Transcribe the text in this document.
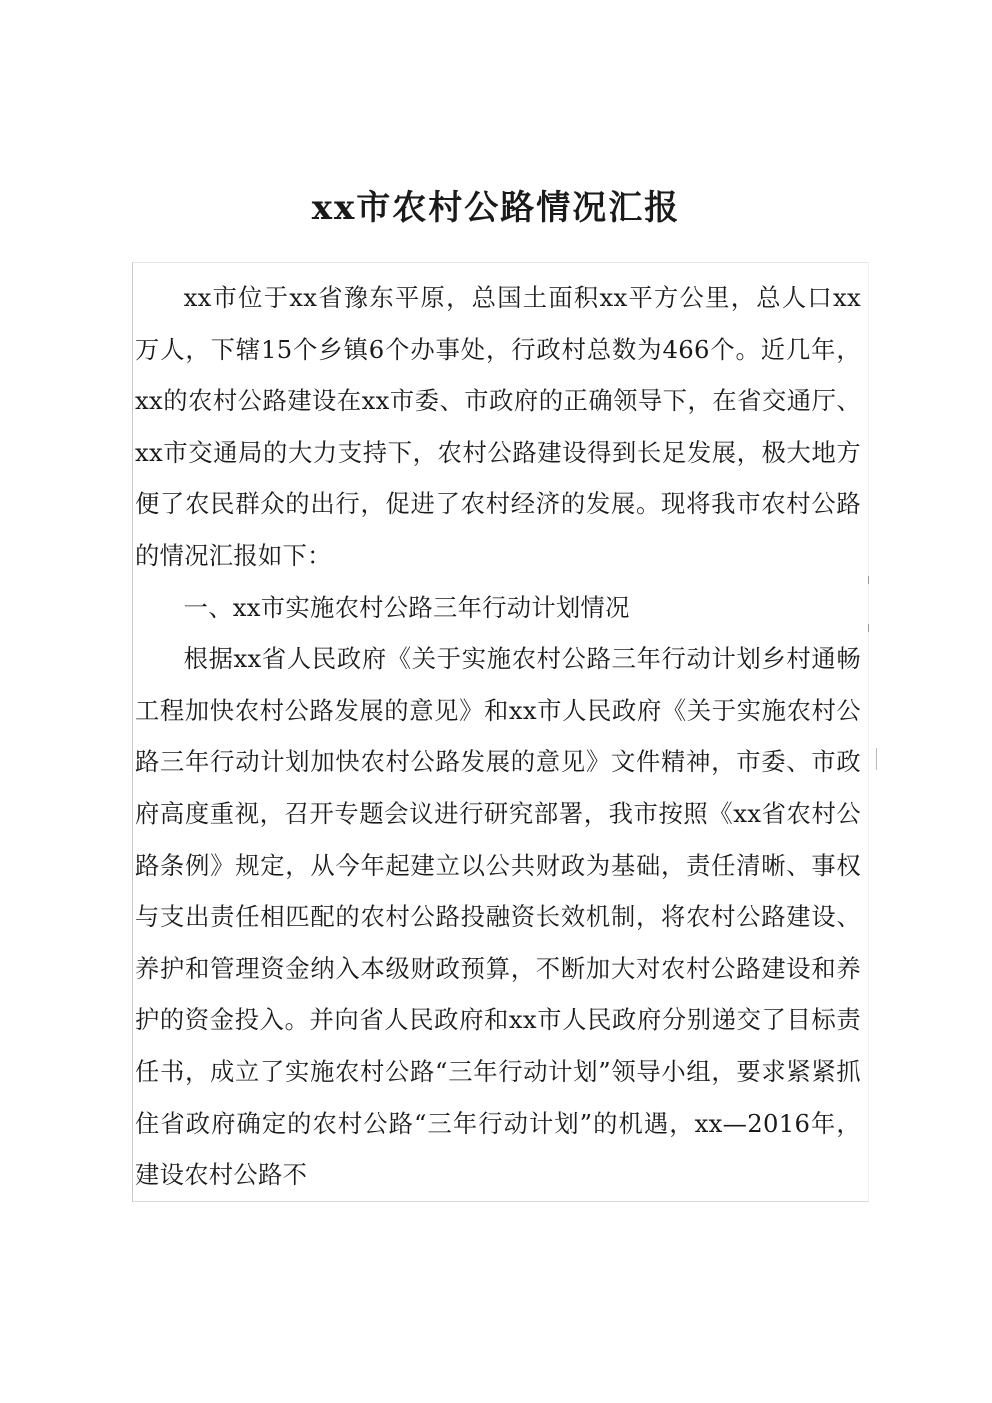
xx市农村公路情况汇报

xx市位于xx省豫东平原，总国土面积xx平方公里，总人口xx万人，下辖15个乡镇6个办事处，行政村总数为466个。近几年，xx的农村公路建设在xx市委、市政府的正确领导下，在省交通厅、xx市交通局的大力支持下，农村公路建设得到长足发展，极大地方便了农民群众的出行，促进了农村经济的发展。现将我市农村公路的情况汇报如下：

一、xx市实施农村公路三年行动计划情况

根据xx省人民政府《关于实施农村公路三年行动计划乡村通畅工程加快农村公路发展的意见》和xx市人民政府《关于实施农村公路三年行动计划加快农村公路发展的意见》文件精神，市委、市政府高度重视，召开专题会议进行研究部署，我市按照《xx省农村公路条例》规定，从今年起建立以公共财政为基础，责任清晰、事权与支出责任相匹配的农村公路投融资长效机制，将农村公路建设、养护和管理资金纳入本级财政预算，不断加大对农村公路建设和养护的资金投入。并向省人民政府和xx市人民政府分别递交了目标责任书，成立了实施农村公路“三年行动计划”领导小组，要求紧紧抓住省政府确定的农村公路“三年行动计划”的机遇，xx—2016年，建设农村公路不
